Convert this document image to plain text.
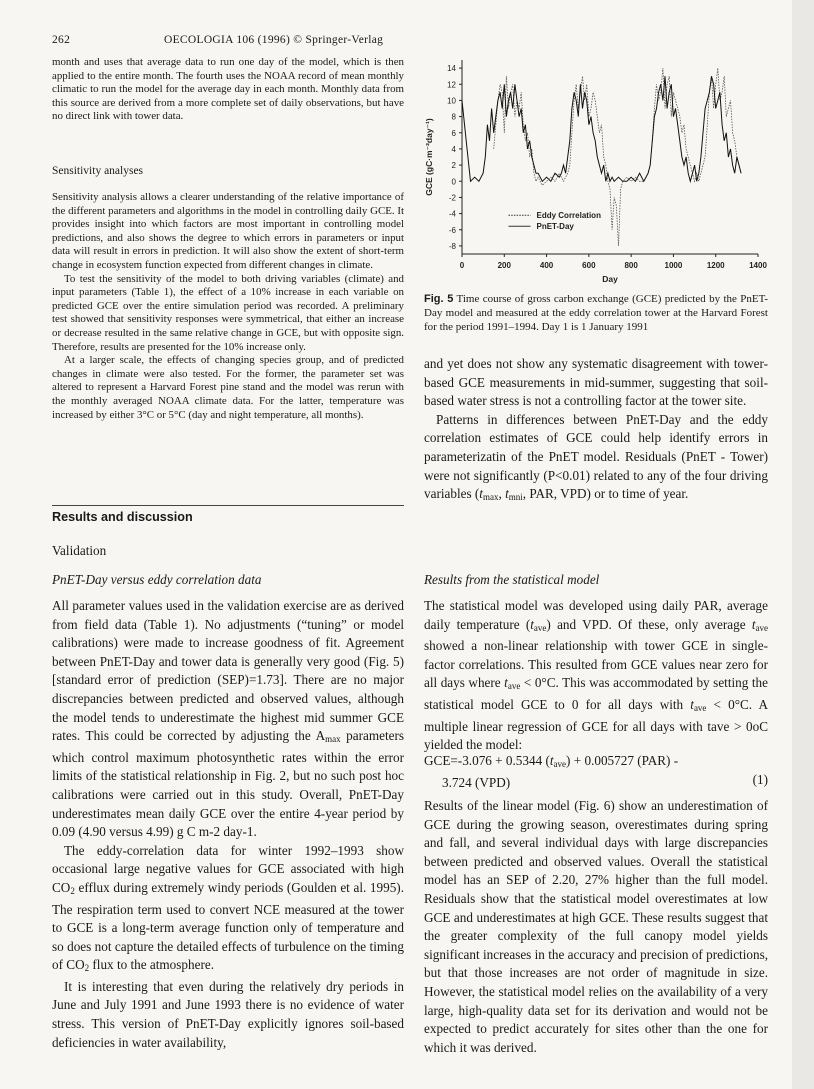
262	OECOLOGIA 106 (1996) © Springer-Verlag

month and uses that average data to run one day of the model, which is then applied to the entire month. The fourth uses the NOAA record of mean monthly climatic to run the model for the average day in each month. Monthly data from this source are derived from a more complete set of daily observations, but have no direct link with tower data.

Sensitivity analyses

Sensitivity analysis allows a clearer understanding of the relative importance of the different parameters and algorithms in the model in controlling daily GCE. It provides insight into which factors are most important in controlling model predictions, and also shows the degree to which errors in parameters or input data will result in errors in prediction. It will also show the extent of short-term change in ecosystem function expected from different changes in climate.

To test the sensitivity of the model to both driving variables (climate) and input parameters (Table 1), the effect of a 10% increase in each variable on predicted GCE over the entire simulation period was recorded. A preliminary test showed that sensitivity responses were symmetrical, that either an increase or decrease resulted in the same relative change in GCE, but with opposite sign. Therefore, results are presented for the 10% increase only.

At a larger scale, the effects of changing species group, and of predicted changes in climate were also tested. For the former, the parameter set was altered to represent a Harvard Forest pine stand and the model was rerun with the monthly averaged NOAA climate data. For the latter, temperature was increased by either 3°C or 5°C (day and night temperature, all months).

Results and discussion
Validation
PnET-Day versus eddy correlation data

All parameter values used in the validation exercise are as derived from field data (Table 1). No adjustments (“tuning” or model calibrations) were made to increase goodness of fit. Agreement between PnET-Day and tower data is generally very good (Fig. 5) [standard error of prediction (SEP)=1.73]. There are no major discrepancies between predicted and observed values, although the model tends to underestimate the highest mid summer GCE rates. This could be corrected by adjusting the $A_{max}$ parameters which control maximum photosynthetic rates within the error limits of the statistical relationship in Fig. 2, but no such post hoc calibrations were carried out in this study. Overall, PnET-Day underestimates mean daily GCE over the entire 4-year period by 0.09 (4.90 versus 4.99) g C m-2 day-1.

The eddy-correlation data for winter 1992–1993 show occasional large negative values for GCE associated with high $CO_2$ efflux during extremely windy periods (Goulden et al. 1995). The respiration term used to convert NCE measured at the tower to GCE is a long-term average function only of temperature and so does not capture the detailed effects of turbulence on the timing of $CO_2$ flux to the atmosphere.

It is interesting that even during the relatively dry periods in June and July 1991 and June 1993 there is no evidence of water stress. This version of PnET-Day explicitly ignores soil-based deficiencies in water availability,

14
12
10
8
6
4
2
0
-2
-4
-6
-8
0	200	400	600	800	1000	1200	1400
Day
GCE (gC·m⁻²day⁻¹)
Eddy Correlation
PnET-Day
Fig. 5 Time course of gross carbon exchange (GCE) predicted by the PnET-Day model and measured at the eddy correlation tower at the Harvard Forest for the period 1991–1994. Day 1 is 1 January 1991

and yet does not show any systematic disagreement with tower-based GCE measurements in mid-summer, suggesting that soil-based water stress is not a controlling factor at the tower site.

Patterns in differences between PnET-Day and the eddy correlation estimates of GCE could help identify errors in parameterizatin of the PnET model. Residuals (PnET - Tower) were not significantly (P<0.01) related to any of the four driving variables ($t_{max}$, $t_{mni}$, PAR, VPD) or to time of year.

Results from the statistical model

The statistical model was developed using daily PAR, average daily temperature $(t_{ave})$ and VPD. Of these, only average $t_{ave}$ showed a non-linear relationship with tower GCE in single-factor correlations. This resulted from GCE values near zero for all days where $t_{ave} < 0^\circ C$. This was accommodated by setting the statistical model GCE to 0 for all days with $t_{ave} < 0^\circ C$. A multiple linear regression of GCE for all days with tave > 0oC yielded the model:

GCE=-3.076 + 0.5344 $(t_{ave}) + 0.005727$ (PAR) -
3.724 (VPD)	(1)

Results of the linear model (Fig. 6) show an underestimation of GCE during the growing season, overestimates during spring and fall, and several individual days with large discrepancies between predicted and observed values. Overall the statistical model has an SEP of 2.20, 27% higher than the full model. Residuals show that the statistical model overestimates at low GCE and underestimates at high GCE. These results suggest that the greater complexity of the full canopy model yields significant increases in the accuracy and precision of predictions, but that those increases are not order of magnitude in size. However, the statistical model relies on the availability of a very large, high-quality data set for its derivation and would not be expected to predict accurately for sites other than the one for which it was derived.
